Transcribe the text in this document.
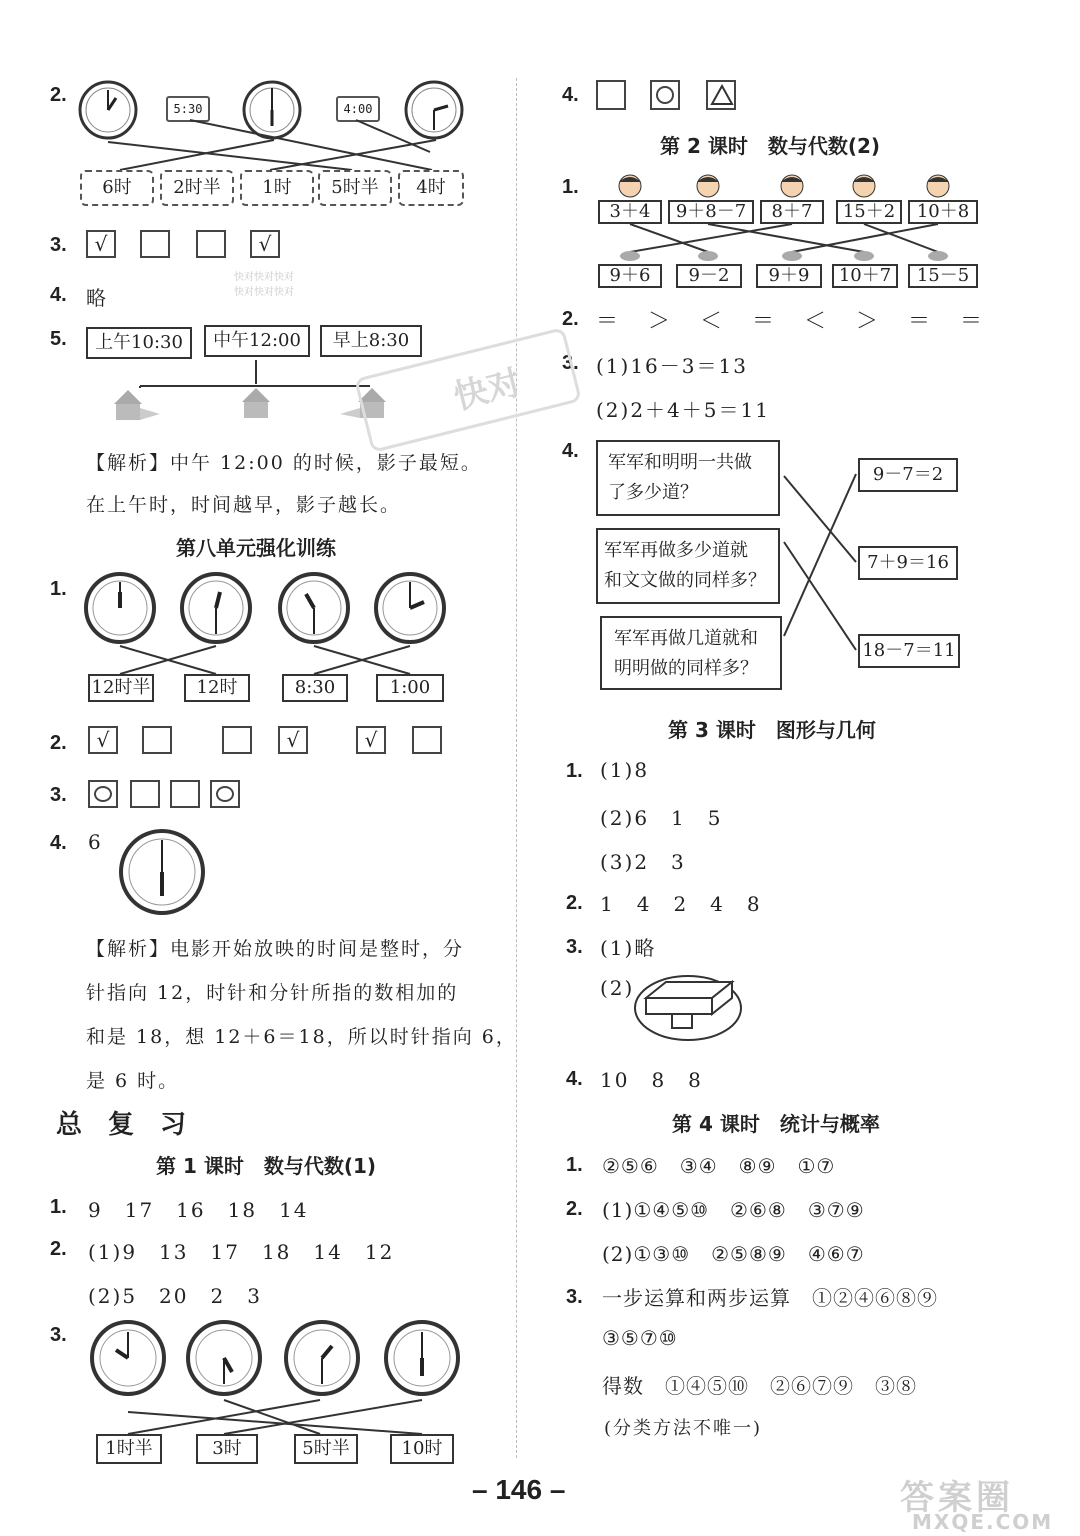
2.
5:30	4:00
6时	2时半	1时	5时半	4时
3.	√	√
快对快对快对
快对快对快对
4. 略
5.	上午10:30	中午12:00	早上8:30
【解析】中午 12:00 的时候，影子最短。
在上午时，时间越早，影子越长。
第八单元强化训练
1.
12时半	12时	8:30	1:00
2.	√	√	√
3.
4. 6
【解析】电影开始放映的时间是整时，分
针指向 12，时针和分针所指的数相加的
和是 18，想 12＋6＝18，所以时针指向 6，
是 6 时。
总　复　习
第 1 课时　数与代数(1)
1. 9　17　16　18　14
2. (1)9　13　17　18　14　12
(2)5　20　2　3
3.
1时半	3时	5时半	10时
4.
第 2 课时　数与代数(2)
1.
3＋4	9＋8－7	8＋7	15＋2	10＋8
9＋6	9－2	9＋9	10＋7	15－5
2. ＝　＞　＜　＝　＜　＞　＝　＝
3. (1)16－3＝13
(2)2＋4＋5＝11
4.
军军和明明一共做
了多少道？
军军再做多少道就
和文文做的同样多？
军军再做几道就和
明明做的同样多？
9－7＝2
7＋9＝16
18－7＝11
第 3 课时　图形与几何
1. (1)8
(2)6　1　5
(3)2　3
2. 1　4　2　4　8
3. (1)略
(2)
4. 10　8　8
第 4 课时　统计与概率
1. ②⑤⑥　③④　⑧⑨　①⑦
2. (1)①④⑤⑩　②⑥⑧　③⑦⑨
(2)①③⑩　②⑤⑧⑨　④⑥⑦
3. 一步运算和两步运算　①②④⑥⑧⑨
③⑤⑦⑩
得数　①④⑤⑩　②⑥⑦⑨　③⑧
(分类方法不唯一)
快对
– 146 –	答案圈
MXQE.COM
